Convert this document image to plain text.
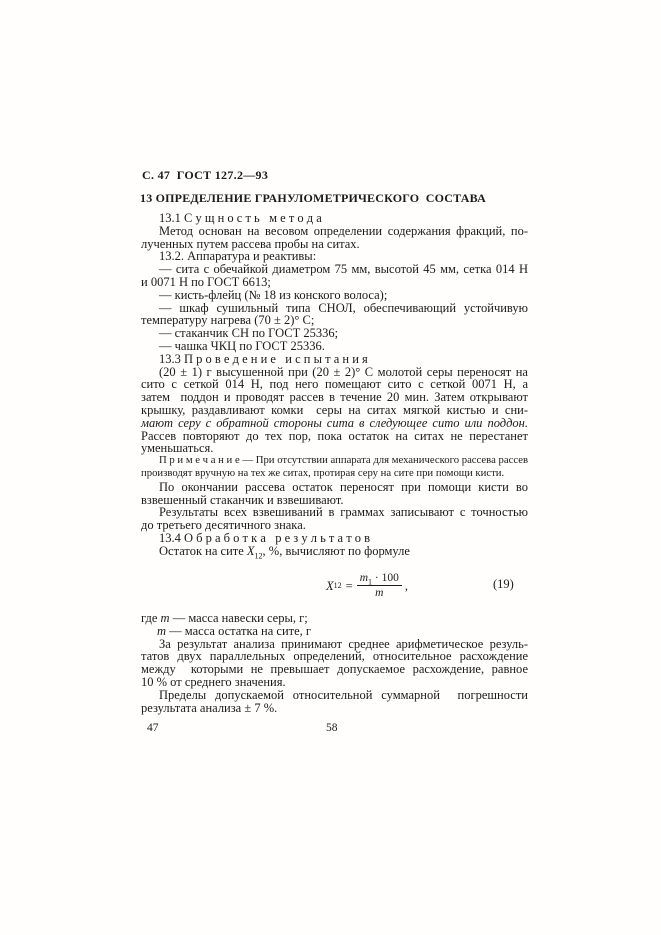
С. 47  ГОСТ 127.2—93
13 ОПРЕДЕЛЕНИЕ ГРАНУЛОМЕТРИЧЕСКОГО  СОСТАВА
13.1 С у щ н о с т ь   м е т о д а
Метод основан на весовом определении содержания фракций, по-
лученных путем рассева пробы на ситах.
13.2. Аппаратура и реактивы:
— сита с обечайкой диаметром 75 мм, высотой 45 мм, сетка 014 Н
и 0071 Н по ГОСТ 6613;
— кисть-флейц (№ 18 из конского волоса);
— шкаф сушильный типа СНОЛ, обеспечивающий устойчивую
температуру нагрева (70 ± 2)° С;
— стаканчик СН по ГОСТ 25336;
— чашка ЧКЦ по ГОСТ 25336.
13.3 П р о в е д е н и е   и с п ы т а н и я
(20 ± 1) г высушенной при (20 ± 2)° С молотой серы переносят на
сито с сеткой 014 Н, под него помещают сито с сеткой 0071 Н, а
затем  поддон и проводят рассев в течение 20 мин. Затем открывают
крышку, раздавливают комки  серы на ситах мягкой кистью и сни-
мают серу с обратной стороны сита в следующее сито или поддон.
Рассев повторяют до тех пор, пока остаток на ситах не перестанет
уменьшаться.
П р и м е ч а н и е — При отсутствии аппарата для механического рассева рассев
производят вручную на тех же ситах, протирая серу на сите при помощи кисти.
По окончании рассева остаток переносят при помощи кисти во
взвешенный стаканчик и взвешивают.
Результаты всех взвешиваний в граммах записывают с точностью
до третьего десятичного знака.
13.4 О б р а б о т к а   р е з у л ь т а т о в
Остаток на сите $X_{12}$, %, вычисляют по формуле
X $12 = \frac{m_1 \cdot 100}{m}$ ,	(19)
где m — масса навески серы, г;
m — масса остатка на сите, г
За результат анализа принимают среднее арифметическое резуль-
татов двух параллельных определений, относительное расхождение
между  которыми не превышает допускаемое расхождение, равное
10 % от среднего значения.
Пределы допускаемой относительной суммарной  погрешности
результата анализа ± 7 %.
47	58
